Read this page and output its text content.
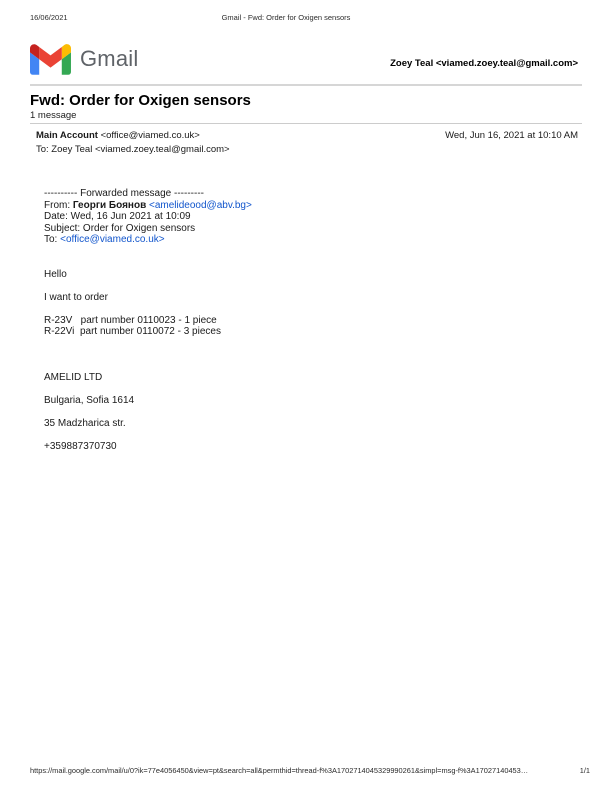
16/06/2021	Gmail - Fwd: Order for Oxigen sensors
Gmail	Zoey Teal <viamed.zoey.teal@gmail.com>
Fwd: Order for Oxigen sensors
1 message
Main Account <office@viamed.co.uk>	Wed, Jun 16, 2021 at 10:10 AM
To: Zoey Teal <viamed.zoey.teal@gmail.com>
---------- Forwarded message ---------
From: Георги Боянов <amelideood@abv.bg>
Date: Wed, 16 Jun 2021 at 10:09
Subject: Order for Oxigen sensors
To: <office@viamed.co.uk>
Hello
I want to order
R-23V   part number 0110023 - 1 piece
R-22Vi  part number 0110072 - 3 pieces
AMELID LTD
Bulgaria, Sofia 1614
35 Madzharica str.
+359887370730
https://mail.google.com/mail/u/0?ik=77e4056450&view=pt&search=all&permthid=thread-f%3A1702714045329990261&simpl=msg-f%3A17027140453…	1/1
